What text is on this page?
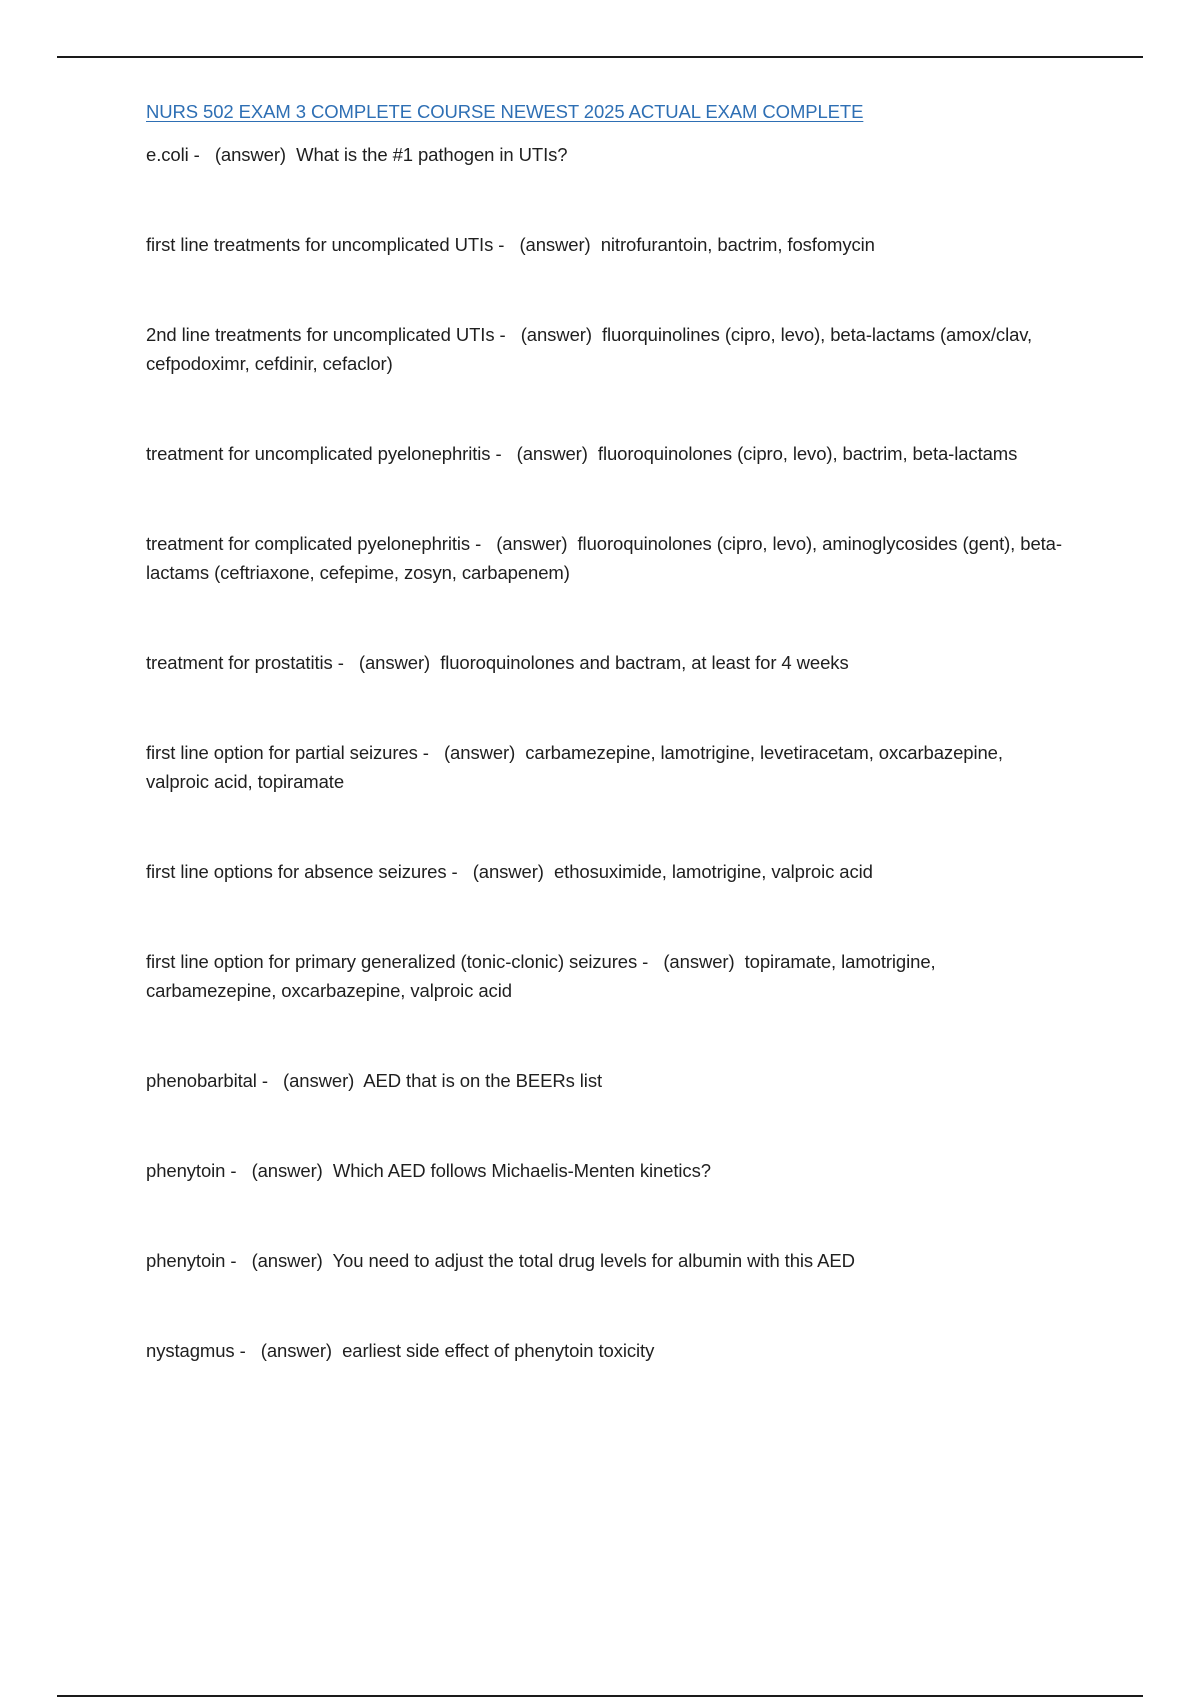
NURS 502 EXAM 3 COMPLETE COURSE NEWEST 2025 ACTUAL EXAM COMPLETE
e.coli - (answer) What is the #1 pathogen in UTIs?
first line treatments for uncomplicated UTIs - (answer) nitrofurantoin, bactrim, fosfomycin
2nd line treatments for uncomplicated UTIs - (answer) fluorquinolines (cipro, levo), beta-lactams (amox/clav, cefpodoximr, cefdinir, cefaclor)
treatment for uncomplicated pyelonephritis - (answer) fluoroquinolones (cipro, levo), bactrim, beta-lactams
treatment for complicated pyelonephritis - (answer) fluoroquinolones (cipro, levo), aminoglycosides (gent), beta-lactams (ceftriaxone, cefepime, zosyn, carbapenem)
treatment for prostatitis - (answer) fluoroquinolones and bactram, at least for 4 weeks
first line option for partial seizures - (answer) carbamezepine, lamotrigine, levetiracetam, oxcarbazepine, valproic acid, topiramate
first line options for absence seizures - (answer) ethosuximide, lamotrigine, valproic acid
first line option for primary generalized (tonic-clonic) seizures - (answer) topiramate, lamotrigine, carbamezepine, oxcarbazepine, valproic acid
phenobarbital - (answer) AED that is on the BEERs list
phenytoin - (answer) Which AED follows Michaelis-Menten kinetics?
phenytoin - (answer) You need to adjust the total drug levels for albumin with this AED
nystagmus - (answer) earliest side effect of phenytoin toxicity
